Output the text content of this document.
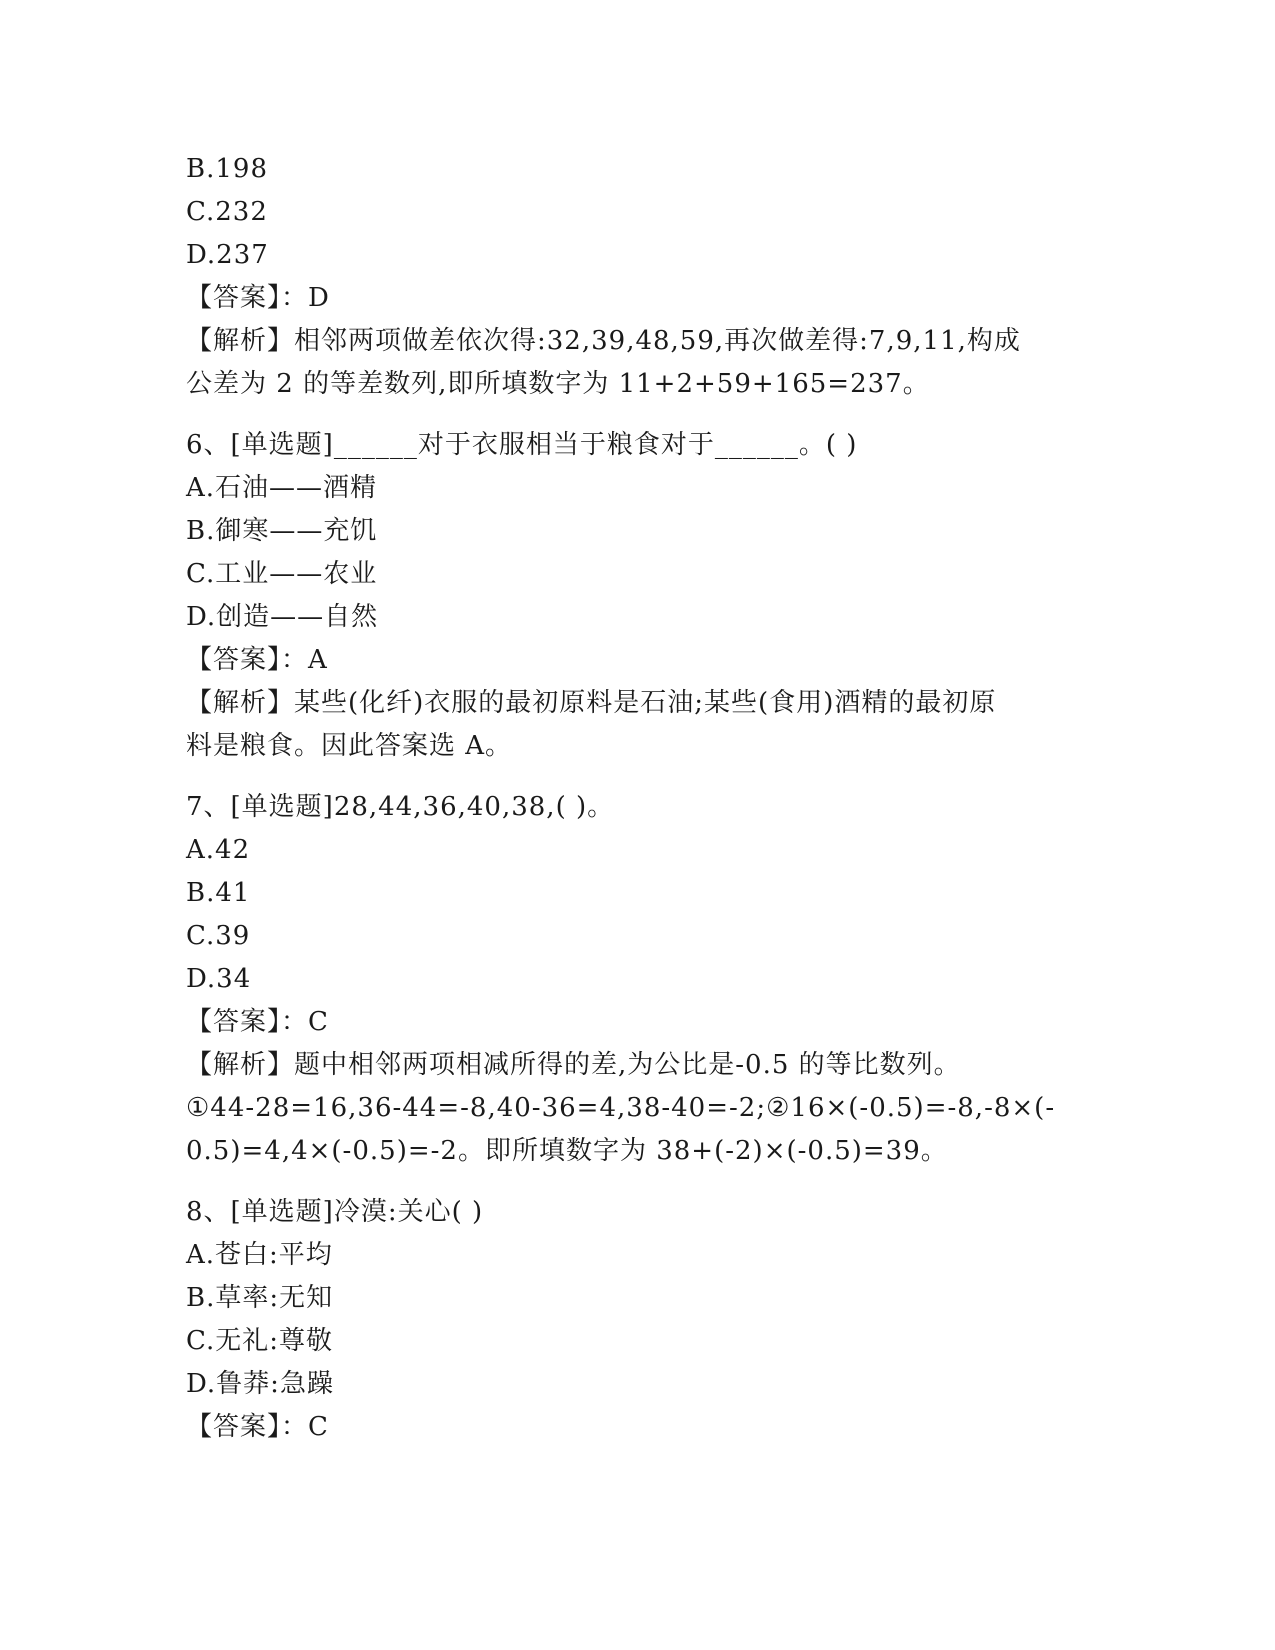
B.198
C.232
D.237
【答案】：D
【解析】相邻两项做差依次得:32,39,48,59,再次做差得:7,9,11,构成
公差为 2 的等差数列,即所填数字为 11+2+59+165=237。
6、[单选题]______对于衣服相当于粮食对于______。( )
A.石油——酒精
B.御寒——充饥
C.工业——农业
D.创造——自然
【答案】：A
【解析】某些(化纤)衣服的最初原料是石油;某些(食用)酒精的最初原
料是粮食。因此答案选 A。
7、[单选题]28,44,36,40,38,( )。
A.42
B.41
C.39
D.34
【答案】：C
【解析】题中相邻两项相减所得的差,为公比是-0.5 的等比数列。
①44-28=16,36-44=-8,40-36=4,38-40=-2;②16×(-0.5)=-8,-8×(-
0.5)=4,4×(-0.5)=-2。即所填数字为 38+(-2)×(-0.5)=39。
8、[单选题]冷漠:关心( )
A.苍白:平均
B.草率:无知
C.无礼:尊敬
D.鲁莽:急躁
【答案】：C
